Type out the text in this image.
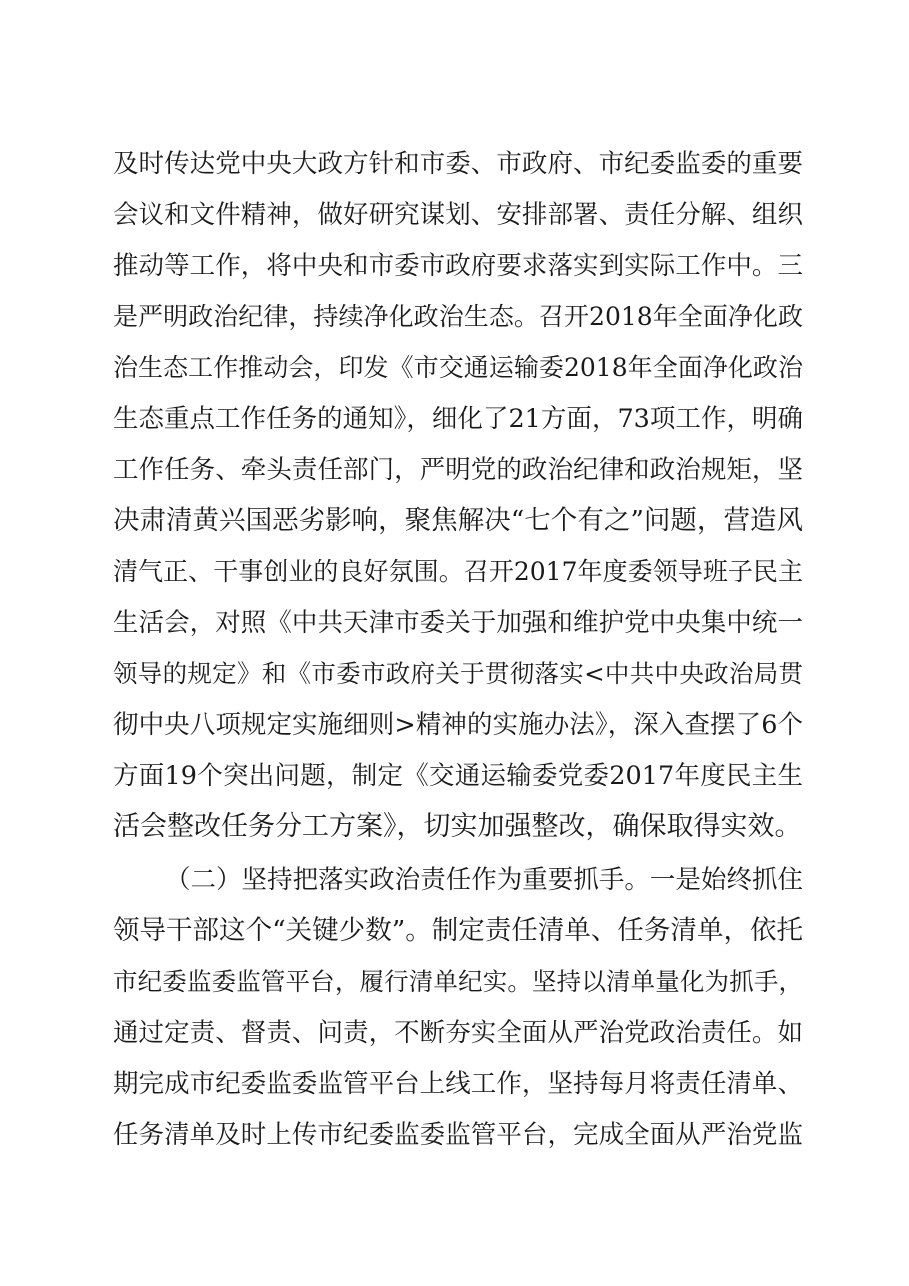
及时传达党中央大政方针和市委、市政府、市纪委监委的重要
会议和文件精神，做好研究谋划、安排部署、责任分解、组织
推动等工作，将中央和市委市政府要求落实到实际工作中。三
是严明政治纪律，持续净化政治生态。召开2018年全面净化政
治生态工作推动会，印发《市交通运输委2018年全面净化政治
生态重点工作任务的通知》，细化了21方面，73项工作，明确
工作任务、牵头责任部门，严明党的政治纪律和政治规矩，坚
决肃清黄兴国恶劣影响，聚焦解决“七个有之”问题，营造风
清气正、干事创业的良好氛围。召开2017年度委领导班子民主
生活会，对照《中共天津市委关于加强和维护党中央集中统一
领导的规定》和《市委市政府关于贯彻落实<中共中央政治局贯
彻中央八项规定实施细则>精神的实施办法》，深入查摆了6个
方面19个突出问题，制定《交通运输委党委2017年度民主生
活会整改任务分工方案》，切实加强整改，确保取得实效。
（二）坚持把落实政治责任作为重要抓手。一是始终抓住
领导干部这个“关键少数”。制定责任清单、任务清单，依托
市纪委监委监管平台，履行清单纪实。坚持以清单量化为抓手，
通过定责、督责、问责，不断夯实全面从严治党政治责任。如
期完成市纪委监委监管平台上线工作，坚持每月将责任清单、
任务清单及时上传市纪委监委监管平台，完成全面从严治党监
